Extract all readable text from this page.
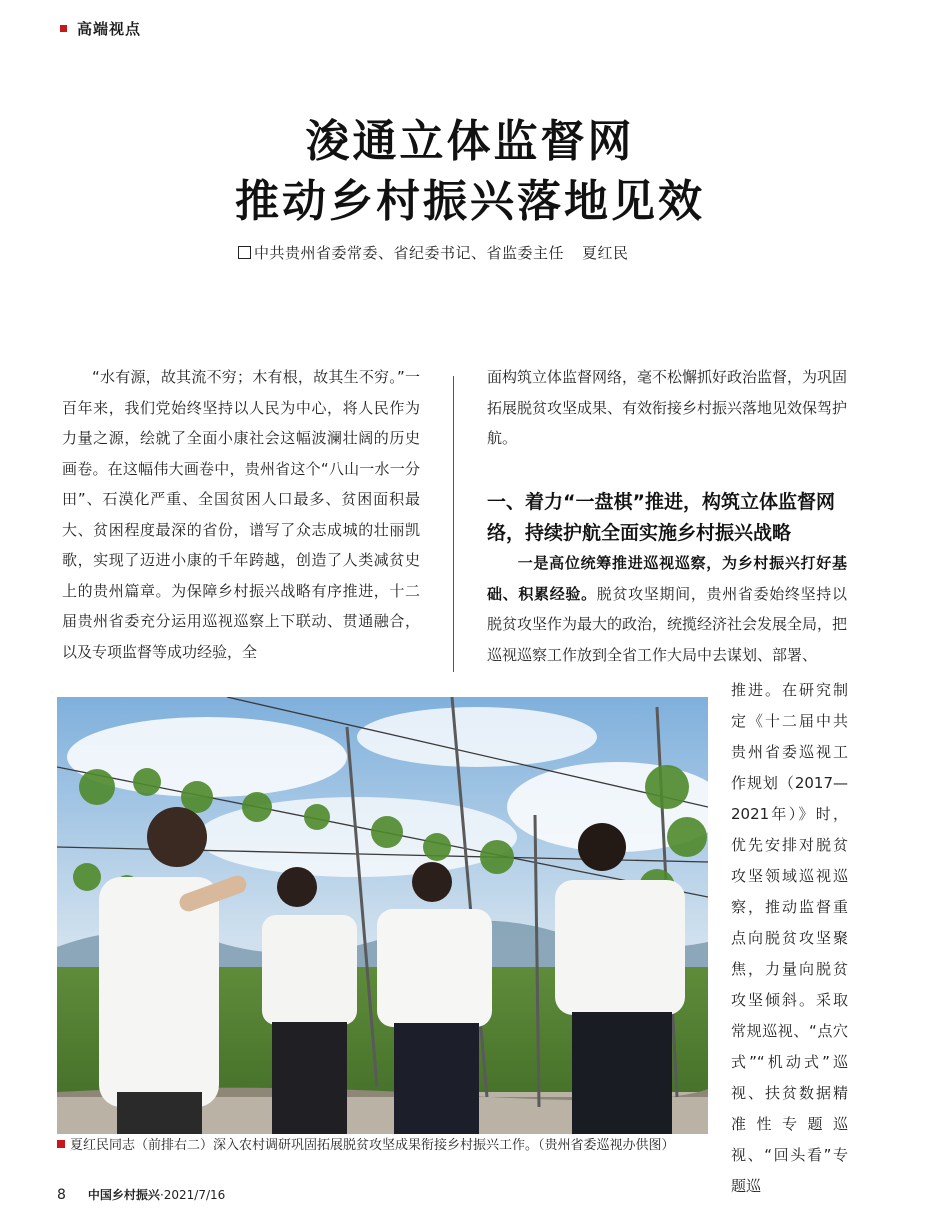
高端视点
浚通立体监督网
推动乡村振兴落地见效
中共贵州省委常委、省纪委书记、省监委主任 夏红民

“水有源，故其流不穷；木有根，故其生不穷。”一百年来，我们党始终坚持以人民为中心，将人民作为力量之源，绘就了全面小康社会这幅波澜壮阔的历史画卷。在这幅伟大画卷中，贵州省这个“八山一水一分田”、石漠化严重、全国贫困人口最多、贫困面积最大、贫困程度最深的省份，谱写了众志成城的壮丽凯歌，实现了迈进小康的千年跨越，创造了人类减贫史上的贵州篇章。为保障乡村振兴战略有序推进，十二届贵州省委充分运用巡视巡察上下联动、贯通融合，以及专项监督等成功经验，全

面构筑立体监督网络，毫不松懈抓好政治监督，为巩固拓展脱贫攻坚成果、有效衔接乡村振兴落地见效保驾护航。

一、着力“一盘棋”推进，构筑立体监督网络，持续护航全面实施乡村振兴战略
一是高位统筹推进巡视巡察，为乡村振兴打好基础、积累经验。脱贫攻坚期间，贵州省委始终坚持以脱贫攻坚作为最大的政治，统揽经济社会发展全局，把巡视巡察工作放到全省工作大局中去谋划、部署、
推进。在研究制定《十二届中共贵州省委巡视工作规划（2017—2021年）》时，优先安排对脱贫攻坚领域巡视巡察，推动监督重点向脱贫攻坚聚焦，力量向脱贫攻坚倾斜。采取常规巡视、“点穴式”“机动式”巡视、扶贫数据精准性专题巡视、“回头看”专题巡
夏红民同志（前排右二）深入农村调研巩固拓展脱贫攻坚成果衔接乡村振兴工作。（贵州省委巡视办供图）
8 中国乡村振兴 ·2021/7/16
